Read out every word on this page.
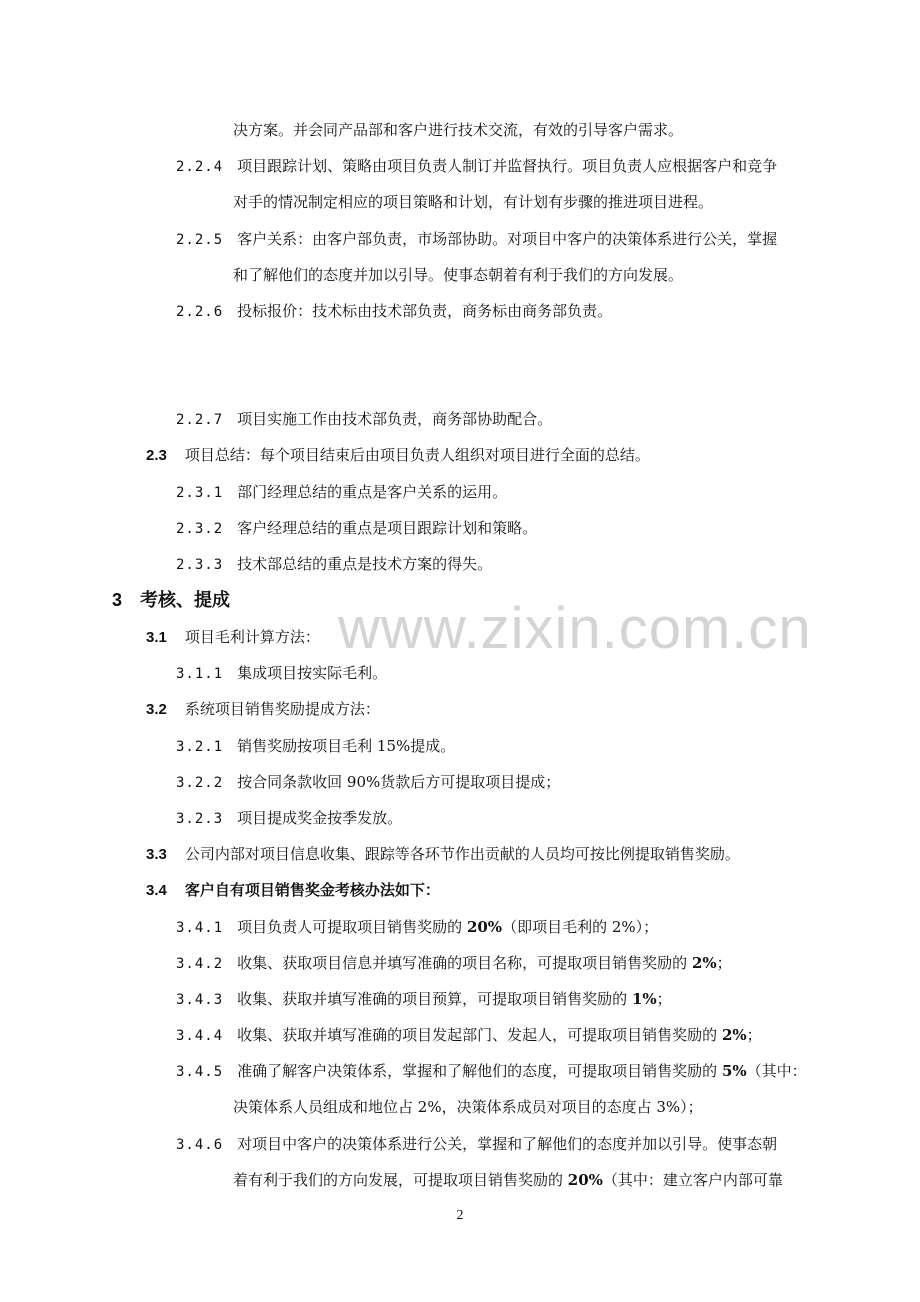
决方案。并会同产品部和客户进行技术交流，有效的引导客户需求。
2.2.4 项目跟踪计划、策略由项目负责人制订并监督执行。项目负责人应根据客户和竞争
对手的情况制定相应的项目策略和计划，有计划有步骤的推进项目进程。
2.2.5 客户关系：由客户部负责，市场部协助。对项目中客户的决策体系进行公关，掌握
和了解他们的态度并加以引导。使事态朝着有利于我们的方向发展。
2.2.6 投标报价：技术标由技术部负责，商务标由商务部负责。
2.2.7 项目实施工作由技术部负责，商务部协助配合。
2.3 项目总结：每个项目结束后由项目负责人组织对项目进行全面的总结。
2.3.1 部门经理总结的重点是客户关系的运用。
2.3.2 客户经理总结的重点是项目跟踪计划和策略。
2.3.3 技术部总结的重点是技术方案的得失。
3 考核、提成 www.zixin.com.cn
3.1 项目毛利计算方法：
3.1.1 集成项目按实际毛利。
3.2 系统项目销售奖励提成方法：
3.2.1 销售奖励按项目毛利 15%提成。
3.2.2 按合同条款收回 90%货款后方可提取项目提成；
3.2.3 项目提成奖金按季发放。
3.3 公司内部对项目信息收集、跟踪等各环节作出贡献的人员均可按比例提取销售奖励。
3.4 客户自有项目销售奖金考核办法如下：
3.4.1 项目负责人可提取项目销售奖励的 20%（即项目毛利的 2%）；
3.4.2 收集、获取项目信息并填写准确的项目名称，可提取项目销售奖励的 2%；
3.4.3 收集、获取并填写准确的项目预算，可提取项目销售奖励的 1%；
3.4.4 收集、获取并填写准确的项目发起部门、发起人，可提取项目销售奖励的 2%；
3.4.5 准确了解客户决策体系，掌握和了解他们的态度，可提取项目销售奖励的 5%（其中：
决策体系人员组成和地位占 2%，决策体系成员对项目的态度占 3%）；
3.4.6 对项目中客户的决策体系进行公关，掌握和了解他们的态度并加以引导。使事态朝
着有利于我们的方向发展，可提取项目销售奖励的 20%（其中：建立客户内部可靠
2
